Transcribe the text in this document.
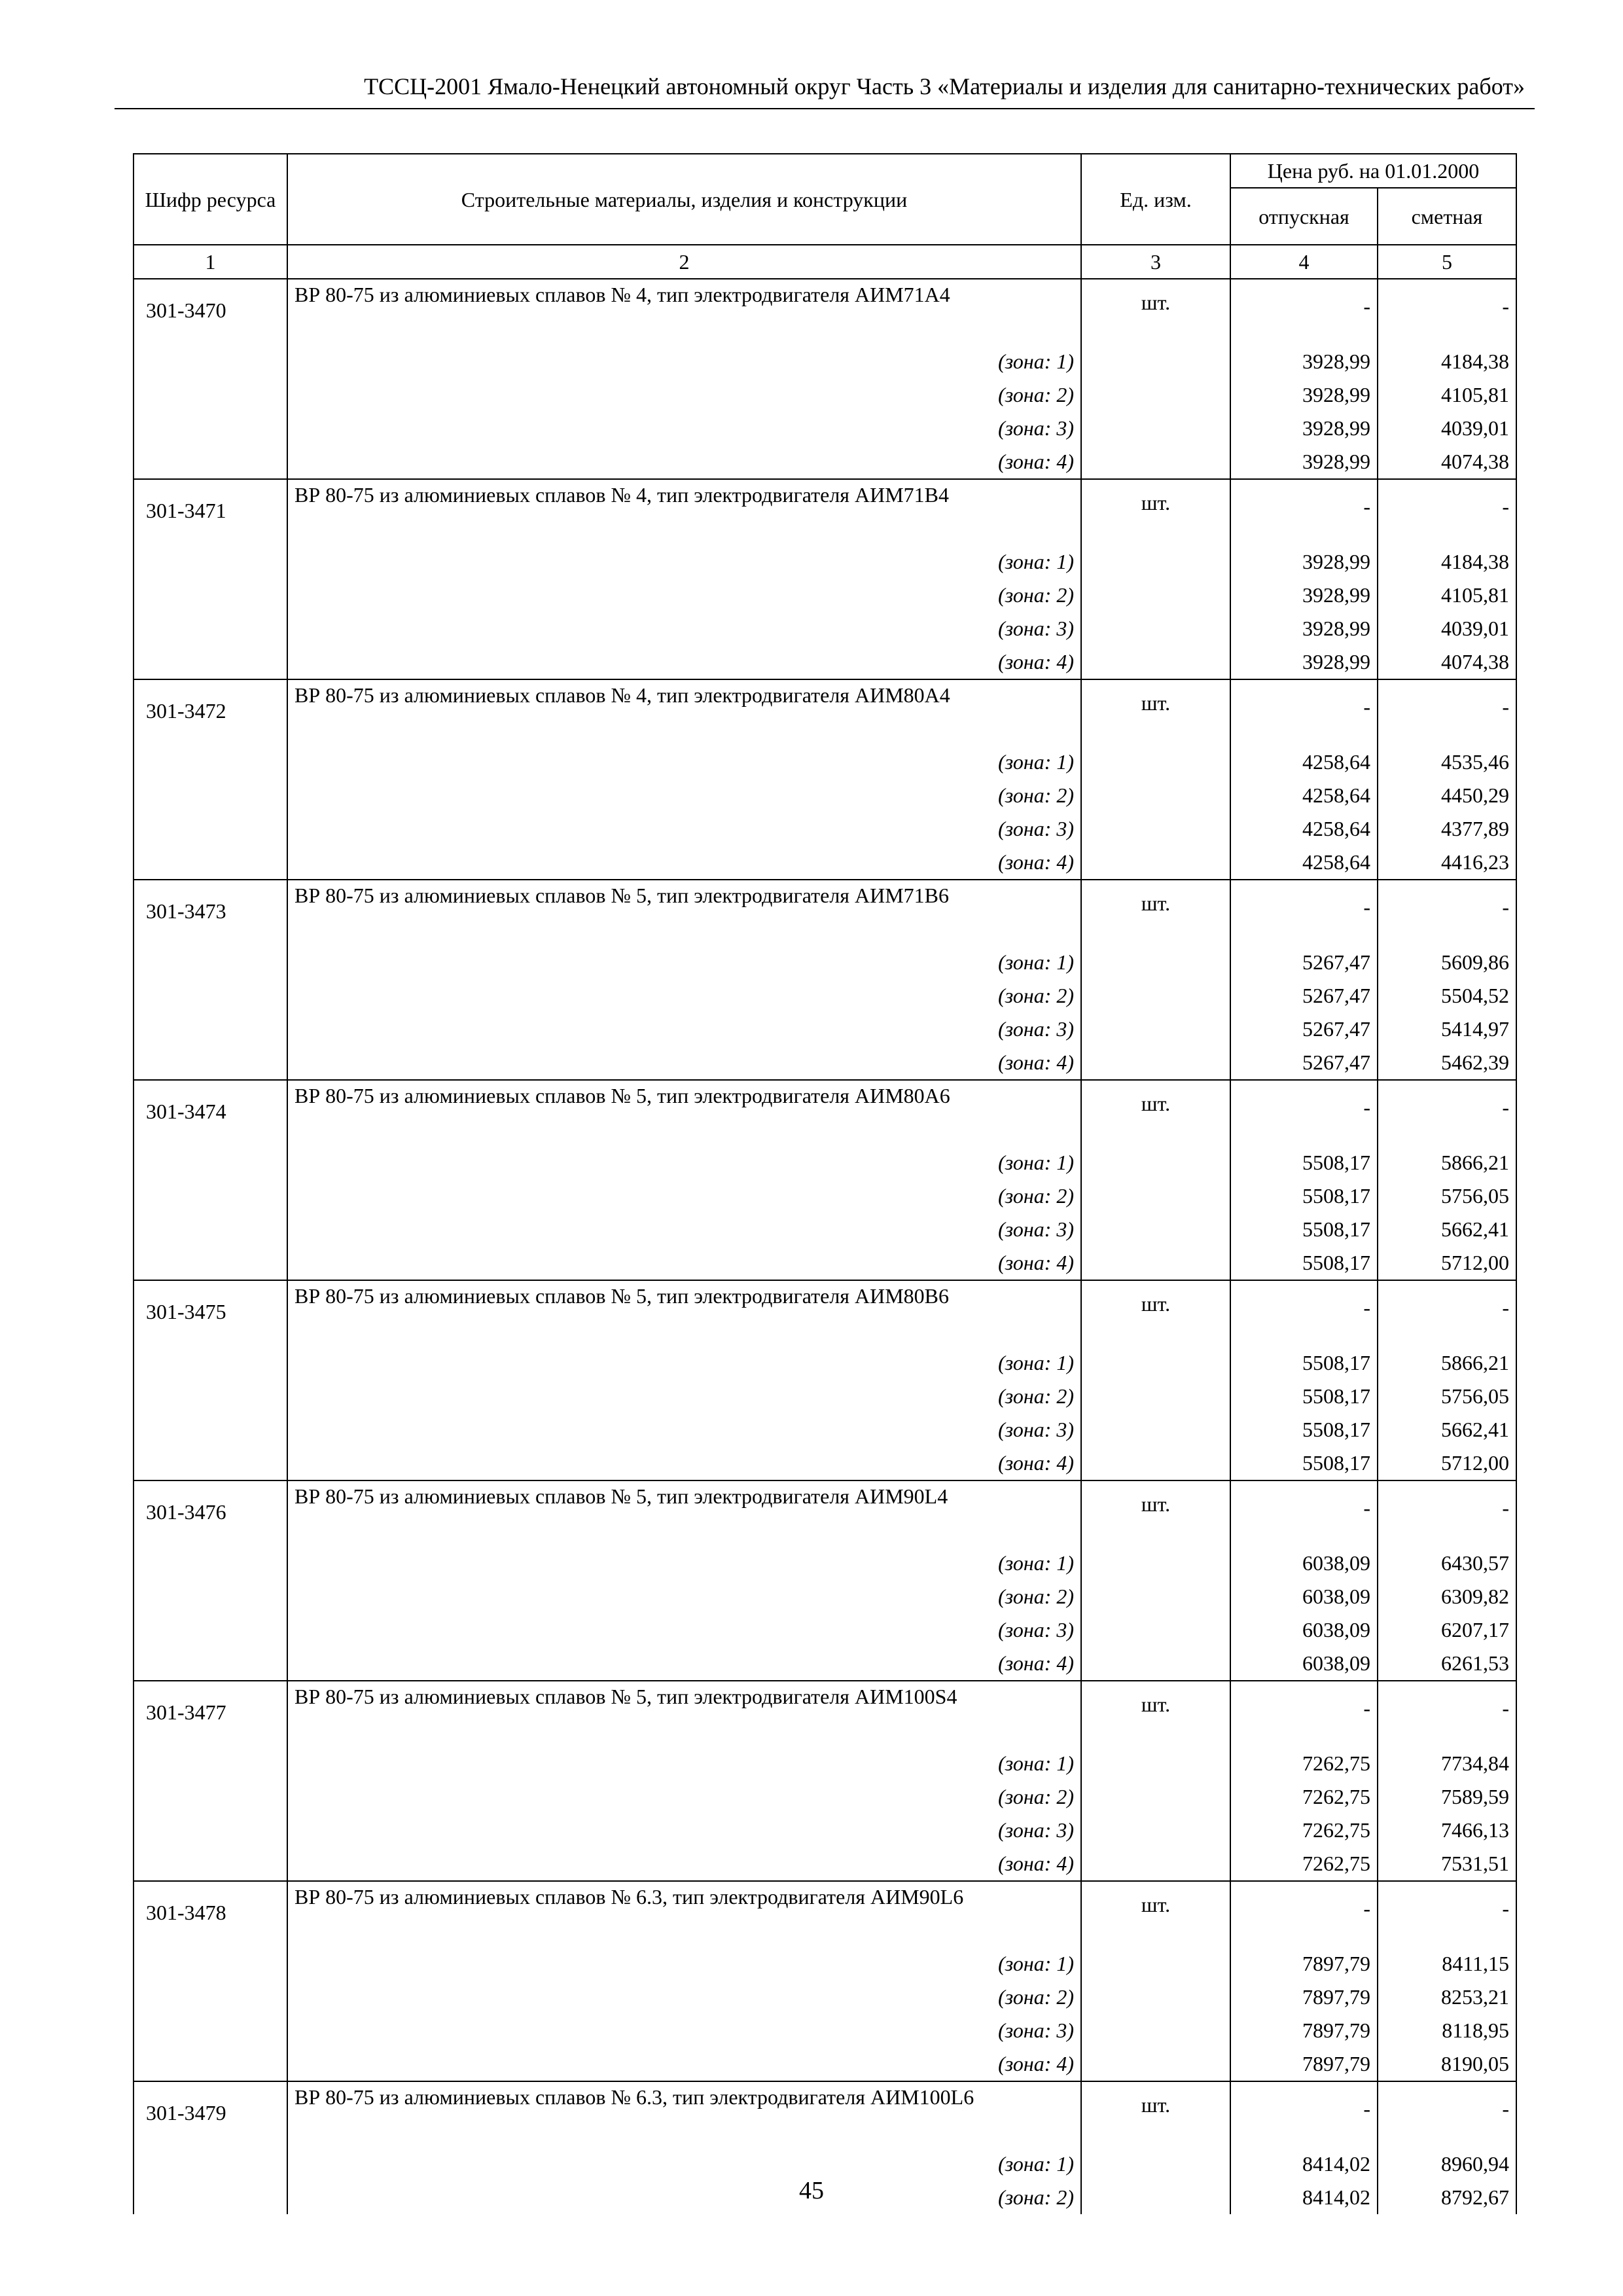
ТССЦ-2001 Ямало-Ненецкий автономный округ Часть 3 «Материалы и изделия для санитарно-технических работ»
Шифр ресурса	Строительные материалы, изделия и конструкции	Ед. изм.	Цена руб. на 01.01.2000	
			отпускная	сметная
1	2	3	4	5
301-3470	ВР 80-75 из алюминиевых сплавов № 4, тип электродвигателя АИМ71А4	шт.	-	-
	(зона: 1)		3928,99	4184,38
	(зона: 2)		3928,99	4105,81
	(зона: 3)		3928,99	4039,01
	(зона: 4)		3928,99	4074,38
301-3471	ВР 80-75 из алюминиевых сплавов № 4, тип электродвигателя АИМ71В4	шт.	-	-
	(зона: 1)		3928,99	4184,38
	(зона: 2)		3928,99	4105,81
	(зона: 3)		3928,99	4039,01
	(зона: 4)		3928,99	4074,38
301-3472	ВР 80-75 из алюминиевых сплавов № 4, тип электродвигателя АИМ80А4	шт.	-	-
	(зона: 1)		4258,64	4535,46
	(зона: 2)		4258,64	4450,29
	(зона: 3)		4258,64	4377,89
	(зона: 4)		4258,64	4416,23
301-3473	ВР 80-75 из алюминиевых сплавов № 5, тип электродвигателя АИМ71В6	шт.	-	-
	(зона: 1)		5267,47	5609,86
	(зона: 2)		5267,47	5504,52
	(зона: 3)		5267,47	5414,97
	(зона: 4)		5267,47	5462,39
301-3474	ВР 80-75 из алюминиевых сплавов № 5, тип электродвигателя АИМ80А6	шт.	-	-
	(зона: 1)		5508,17	5866,21
	(зона: 2)		5508,17	5756,05
	(зона: 3)		5508,17	5662,41
	(зона: 4)		5508,17	5712,00
301-3475	ВР 80-75 из алюминиевых сплавов № 5, тип электродвигателя АИМ80В6	шт.	-	-
	(зона: 1)		5508,17	5866,21
	(зона: 2)		5508,17	5756,05
	(зона: 3)		5508,17	5662,41
	(зона: 4)		5508,17	5712,00
301-3476	ВР 80-75 из алюминиевых сплавов № 5, тип электродвигателя АИМ90L4	шт.	-	-
	(зона: 1)		6038,09	6430,57
	(зона: 2)		6038,09	6309,82
	(зона: 3)		6038,09	6207,17
	(зона: 4)		6038,09	6261,53
301-3477	ВР 80-75 из алюминиевых сплавов № 5, тип электродвигателя АИМ100S4	шт.	-	-
	(зона: 1)		7262,75	7734,84
	(зона: 2)		7262,75	7589,59
	(зона: 3)		7262,75	7466,13
	(зона: 4)		7262,75	7531,51
301-3478	ВР 80-75 из алюминиевых сплавов № 6.3, тип электродвигателя АИМ90L6	шт.	-	-
	(зона: 1)		7897,79	8411,15
	(зона: 2)		7897,79	8253,21
	(зона: 3)		7897,79	8118,95
	(зона: 4)		7897,79	8190,05
301-3479	ВР 80-75 из алюминиевых сплавов № 6.3, тип электродвигателя АИМ100L6	шт.	-	-
	(зона: 1)		8414,02	8960,94
	(зона: 2)		8414,02	8792,67
45
